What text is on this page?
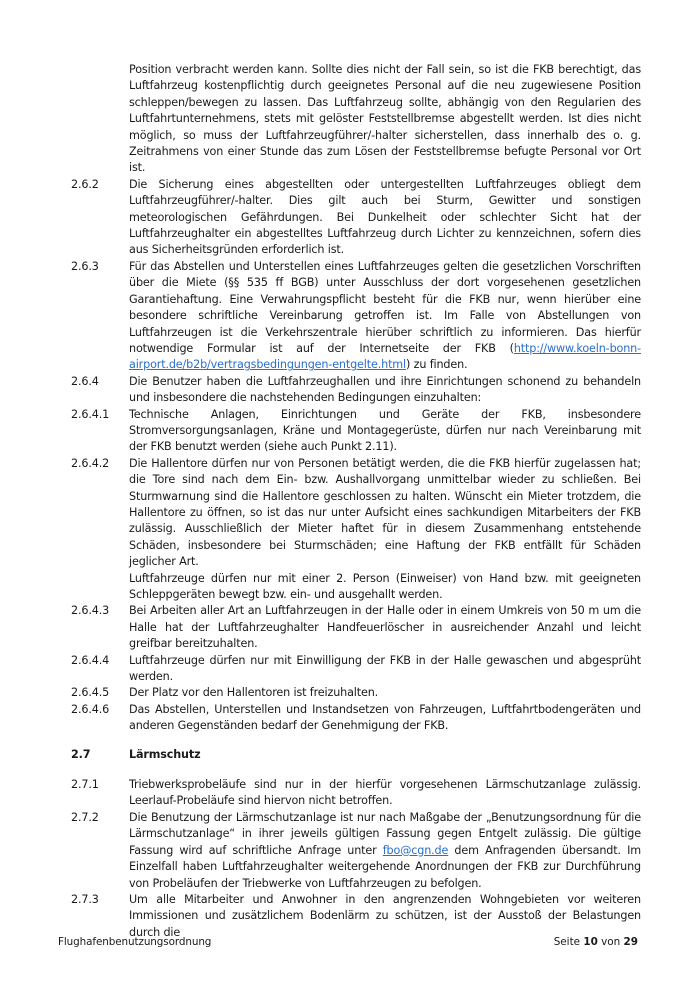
Position verbracht werden kann. Sollte dies nicht der Fall sein, so ist die FKB berechtigt, das Luftfahrzeug kostenpflichtig durch geeignetes Personal auf die neu zugewiesene Position schleppen/bewegen zu lassen. Das Luftfahrzeug sollte, abhängig von den Regularien des Luftfahrtunternehmens, stets mit gelöster Feststellbremse abgestellt werden. Ist dies nicht möglich, so muss der Luftfahrzeugführer/-halter sicherstellen, dass innerhalb des o. g. Zeitrahmens von einer Stunde das zum Lösen der Feststellbremse befugte Personal vor Ort ist.
2.6.2	Die Sicherung eines abgestellten oder untergestellten Luftfahrzeuges obliegt dem Luftfahrzeugführer/-halter. Dies gilt auch bei Sturm, Gewitter und sonstigen meteorologischen Gefährdungen. Bei Dunkelheit oder schlechter Sicht hat der Luftfahrzeughalter ein abgestelltes Luftfahrzeug durch Lichter zu kennzeichnen, sofern dies aus Sicherheitsgründen erforderlich ist.
2.6.3	Für das Abstellen und Unterstellen eines Luftfahrzeuges gelten die gesetzlichen Vorschriften über die Miete (§§ 535 ff BGB) unter Ausschluss der dort vorgesehenen gesetzlichen Garantiehaftung. Eine Verwahrungspflicht besteht für die FKB nur, wenn hierüber eine besondere schriftliche Vereinbarung getroffen ist. Im Falle von Abstellungen von Luftfahrzeugen ist die Verkehrszentrale hierüber schriftlich zu informieren. Das hierfür notwendige Formular ist auf der Internetseite der FKB (http://www.koeln-bonn-airport.de/b2b/vertragsbedingungen-entgelte.html) zu finden.
2.6.4	Die Benutzer haben die Luftfahrzeughallen und ihre Einrichtungen schonend zu behandeln und insbesondere die nachstehenden Bedingungen einzuhalten:
2.6.4.1 Technische Anlagen, Einrichtungen und Geräte der FKB, insbesondere Stromversorgungsanlagen, Kräne und Montagegerüste, dürfen nur nach Vereinbarung mit der FKB benutzt werden (siehe auch Punkt 2.11).
2.6.4.2 Die Hallentore dürfen nur von Personen betätigt werden, die die FKB hierfür zugelassen hat; die Tore sind nach dem Ein- bzw. Aushallvorgang unmittelbar wieder zu schließen. Bei Sturmwarnung sind die Hallentore geschlossen zu halten. Wünscht ein Mieter trotzdem, die Hallentore zu öffnen, so ist das nur unter Aufsicht eines sachkundigen Mitarbeiters der FKB zulässig. Ausschließlich der Mieter haftet für in diesem Zusammenhang entstehende Schäden, insbesondere bei Sturmschäden; eine Haftung der FKB entfällt für Schäden jeglicher Art.
Luftfahrzeuge dürfen nur mit einer 2. Person (Einweiser) von Hand bzw. mit geeigneten Schleppgeräten bewegt bzw. ein- und ausgehallt werden.
2.6.4.3 Bei Arbeiten aller Art an Luftfahrzeugen in der Halle oder in einem Umkreis von 50 m um die Halle hat der Luftfahrzeughalter Handfeuerlöscher in ausreichender Anzahl und leicht greifbar bereitzuhalten.
2.6.4.4 Luftfahrzeuge dürfen nur mit Einwilligung der FKB in der Halle gewaschen und abgesprüht werden.
2.6.4.5 Der Platz vor den Hallentoren ist freizuhalten.
2.6.4.6 Das Abstellen, Unterstellen und Instandsetzen von Fahrzeugen, Luftfahrtbodengeräten und anderen Gegenständen bedarf der Genehmigung der FKB.
2.7	Lärmschutz
2.7.1	Triebwerksprobeläufe sind nur in der hierfür vorgesehenen Lärmschutzanlage zulässig. Leerlauf-Probeläufe sind hiervon nicht betroffen.
2.7.2	Die Benutzung der Lärmschutzanlage ist nur nach Maßgabe der „Benutzungsordnung für die Lärmschutzanlage“ in ihrer jeweils gültigen Fassung gegen Entgelt zulässig. Die gültige Fassung wird auf schriftliche Anfrage unter fbo@cgn.de dem Anfragenden übersandt. Im Einzelfall haben Luftfahrzeughalter weitergehende Anordnungen der FKB zur Durchführung von Probeläufen der Triebwerke von Luftfahrzeugen zu befolgen.
2.7.3	Um alle Mitarbeiter und Anwohner in den angrenzenden Wohngebieten vor weiteren Immissionen und zusätzlichem Bodenlärm zu schützen, ist der Ausstoß der Belastungen durch die
Flughafenbenutzungsordnung	Seite 10 von 29
